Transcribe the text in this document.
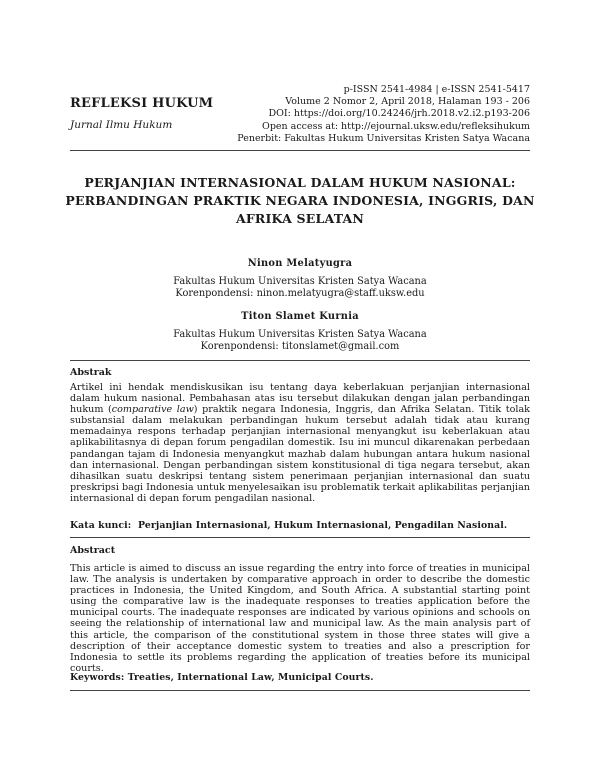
REFLEKSI HUKUM
Jurnal Ilmu Hukum
p-ISSN 2541-4984 | e-ISSN 2541-5417
Volume 2 Nomor 2, April 2018, Halaman 193 - 206
DOI: https://doi.org/10.24246/jrh.2018.v2.i2.p193-206
Open access at: http://ejournal.uksw.edu/refleksihukum
Penerbit: Fakultas Hukum Universitas Kristen Satya Wacana
PERJANJIAN INTERNASIONAL DALAM HUKUM NASIONAL:
PERBANDINGAN PRAKTIK NEGARA INDONESIA, INGGRIS, DAN
AFRIKA SELATAN
Ninon Melatyugra
Fakultas Hukum Universitas Kristen Satya Wacana
Korenpondensi: ninon.melatyugra@staff.uksw.edu
Titon Slamet Kurnia
Fakultas Hukum Universitas Kristen Satya Wacana
Korenpondensi: titonslamet@gmail.com
Abstrak
Artikel ini hendak mendiskusikan isu tentang daya keberlakuan perjanjian internasional dalam hukum nasional. Pembahasan atas isu tersebut dilakukan dengan jalan perbandingan hukum (comparative law) praktik negara Indonesia, Inggris, dan Afrika Selatan. Titik tolak substansial dalam melakukan perbandingan hukum tersebut adalah tidak atau kurang memadainya respons terhadap perjanjian internasional menyangkut isu keberlakuan atau aplikabilitasnya di depan forum pengadilan domestik. Isu ini muncul dikarenakan perbedaan pandangan tajam di Indonesia menyangkut mazhab dalam hubungan antara hukum nasional dan internasional. Dengan perbandingan sistem konstitusional di tiga negara tersebut, akan dihasilkan suatu deskripsi tentang sistem penerimaan perjanjian internasional dan suatu preskripsi bagi Indonesia untuk menyelesaikan isu problematik terkait aplikabilitas perjanjian internasional di depan forum pengadilan nasional.
Kata kunci: Perjanjian Internasional, Hukum Internasional, Pengadilan Nasional.
Abstract
This article is aimed to discuss an issue regarding the entry into force of treaties in municipal law. The analysis is undertaken by comparative approach in order to describe the domestic practices in Indonesia, the United Kingdom, and South Africa. A substantial starting point using the comparative law is the inadequate responses to treaties application before the municipal courts. The inadequate responses are indicated by various opinions and schools on seeing the relationship of international law and municipal law. As the main analysis part of this article, the comparison of the constitutional system in those three states will give a description of their acceptance domestic system to treaties and also a prescription for Indonesia to settle its problems regarding the application of treaties before its municipal courts.
Keywords: Treaties, International Law, Municipal Courts.
